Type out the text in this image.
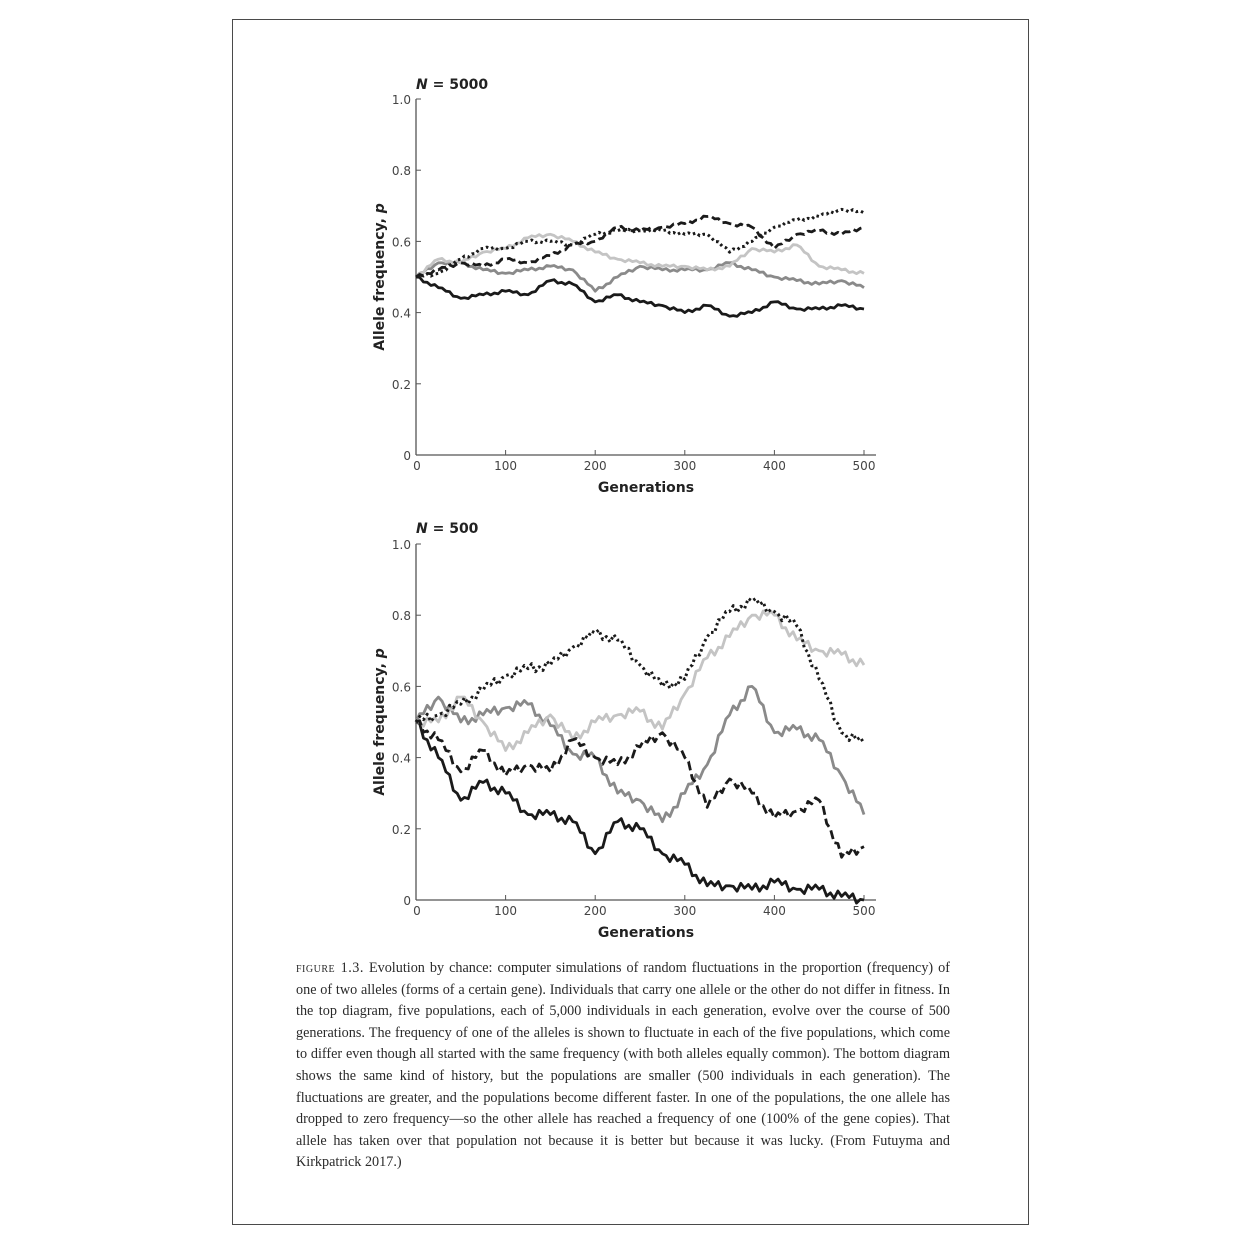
N = 5000
0
0.2
0.4
0.6
0.8
1.0
0	100	200	300	400	500
Allele frequency, p
Generations
N = 500
0
0.2
0.4
0.6
0.8
1.0
0	100	200	300	400	500
Allele frequency, p
Generations
figure 1.3. Evolution by chance: computer simulations of random fluctuations in the proportion (frequency) of one of two alleles (forms of a certain gene). Individuals that carry one allele or the other do not differ in fitness. In the top diagram, five populations, each of 5,000 individuals in each generation, evolve over the course of 500 generations. The frequency of one of the alleles is shown to fluctuate in each of the five populations, which come to differ even though all started with the same frequency (with both alleles equally common). The bottom diagram shows the same kind of history, but the populations are smaller (500 individuals in each generation). The fluctuations are greater, and the populations become different faster. In one of the populations, the one allele has dropped to zero frequency—so the other allele has reached a frequency of one (100% of the gene copies). That allele has taken over that population not because it is better but because it was lucky. (From Futuyma and Kirkpatrick 2017.)
